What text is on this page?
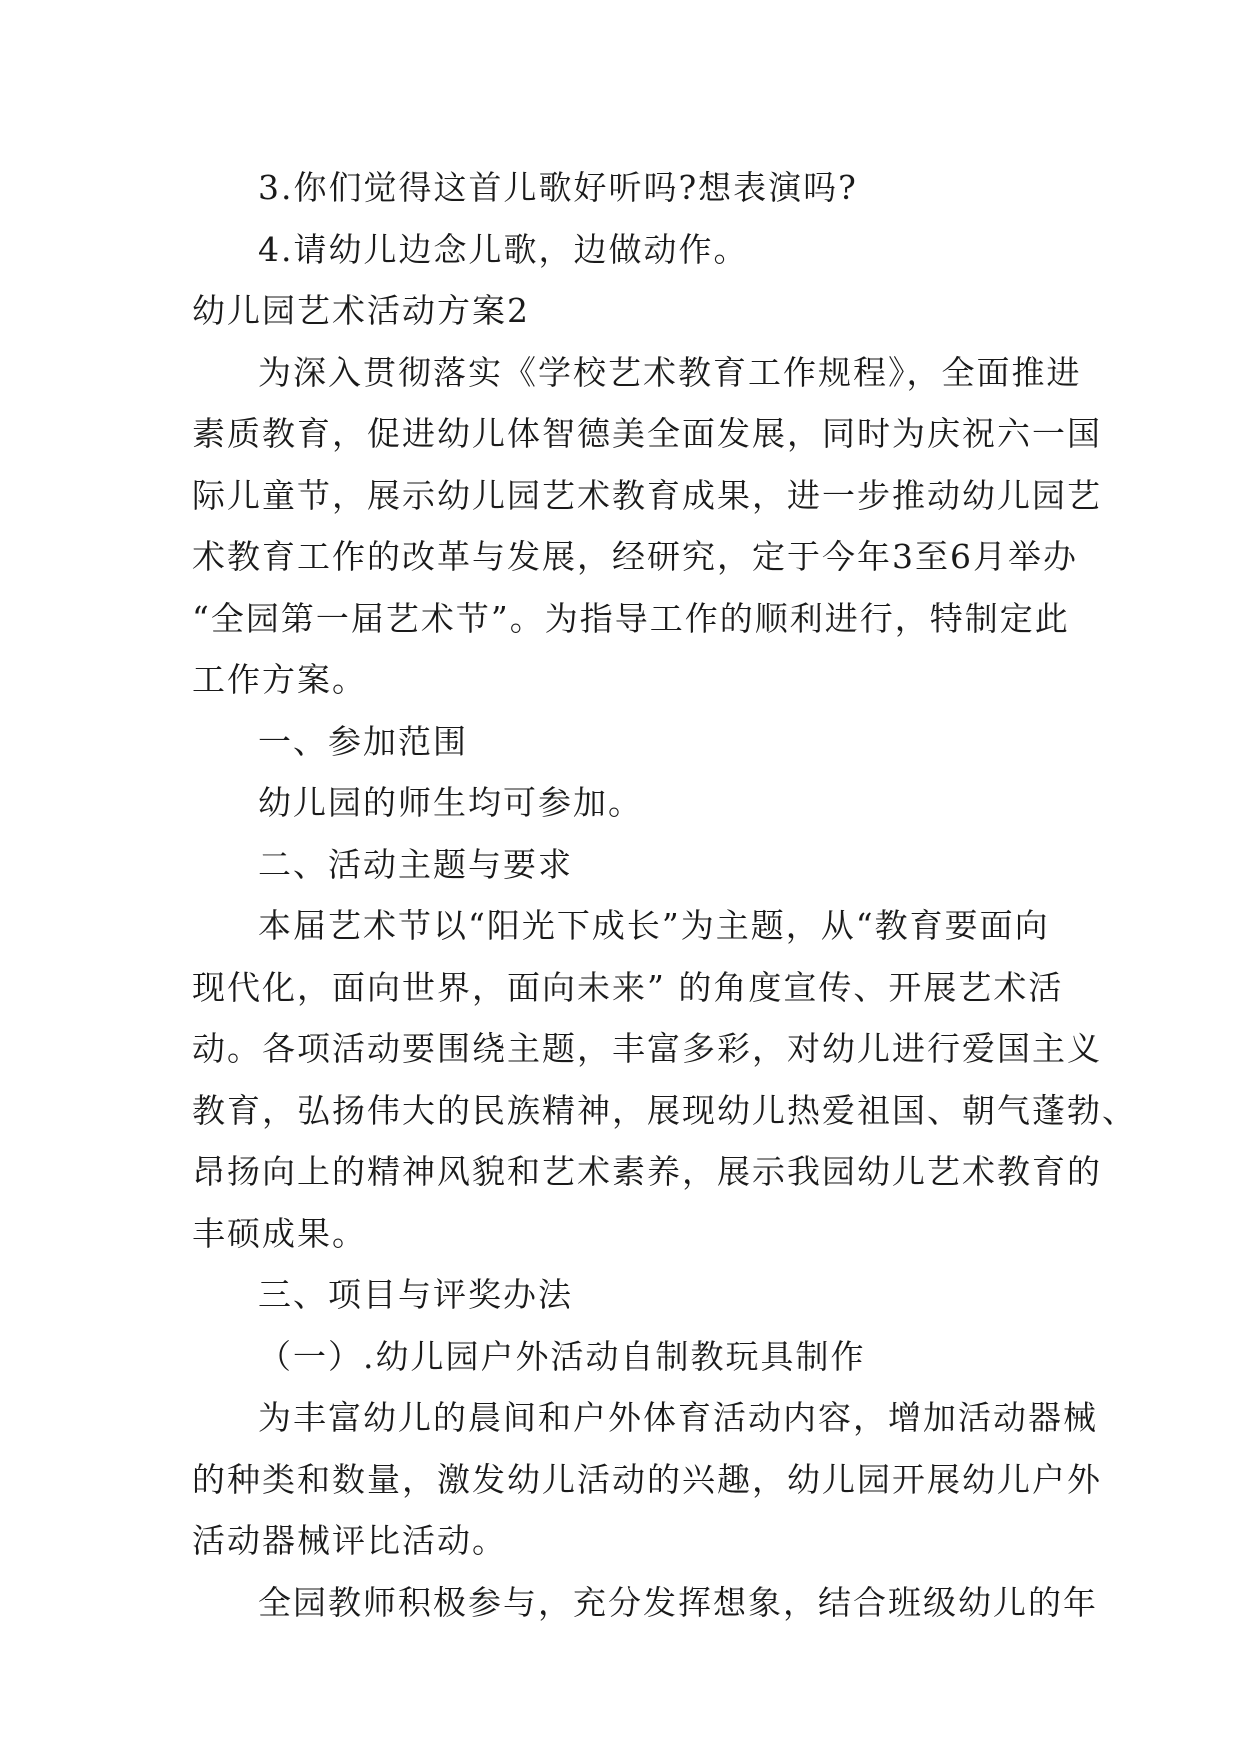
3.你们觉得这首儿歌好听吗?想表演吗?
4.请幼儿边念儿歌，边做动作。
幼儿园艺术活动方案2
为深入贯彻落实《学校艺术教育工作规程》，全面推进
素质教育，促进幼儿体智德美全面发展，同时为庆祝六一国
际儿童节，展示幼儿园艺术教育成果，进一步推动幼儿园艺
术教育工作的改革与发展，经研究，定于今年3至6月举办
“全园第一届艺术节”。为指导工作的顺利进行，特制定此
工作方案。
一、参加范围
幼儿园的师生均可参加。
二、活动主题与要求
本届艺术节以“阳光下成长”为主题，从“教育要面向
现代化，面向世界，面向未来” 的角度宣传、开展艺术活
动。各项活动要围绕主题，丰富多彩，对幼儿进行爱国主义
教育，弘扬伟大的民族精神，展现幼儿热爱祖国、朝气蓬勃、
昂扬向上的精神风貌和艺术素养，展示我园幼儿艺术教育的
丰硕成果。
三、项目与评奖办法
（一）.幼儿园户外活动自制教玩具制作
为丰富幼儿的晨间和户外体育活动内容，增加活动器械
的种类和数量，激发幼儿活动的兴趣，幼儿园开展幼儿户外
活动器械评比活动。
全园教师积极参与，充分发挥想象，结合班级幼儿的年
